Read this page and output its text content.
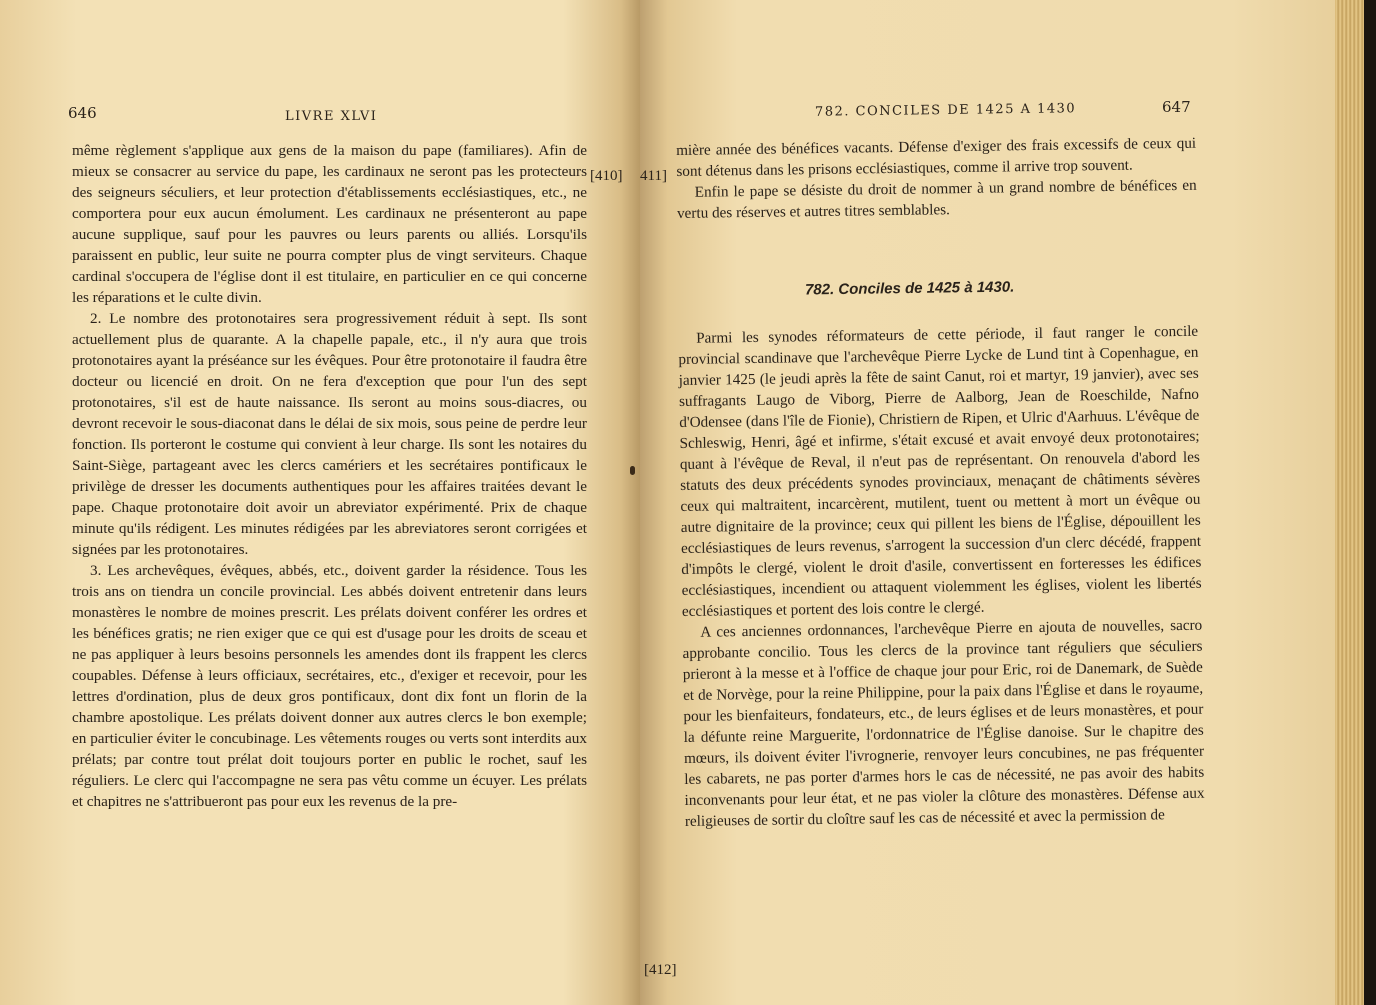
646	LIVRE XLVI

même règlement s'applique aux gens de la maison du pape (familiares). Afin de mieux se consacrer au service du pape, les cardinaux ne seront pas les protecteurs des seigneurs séculiers, et leur protection d'établissements ecclésiastiques, etc., ne comportera pour eux aucun émolument. Les cardinaux ne présenteront au pape aucune supplique, sauf pour les pauvres ou leurs parents ou alliés. Lorsqu'ils paraissent en public, leur suite ne pourra compter plus de vingt serviteurs. Chaque cardinal s'occupera de l'église dont il est titulaire, en particulier en ce qui concerne les réparations et le culte divin.

2. Le nombre des protonotaires sera progressivement réduit à sept. Ils sont actuellement plus de quarante. A la chapelle papale, etc., il n'y aura que trois protonotaires ayant la préséance sur les évêques. Pour être protonotaire il faudra être docteur ou licencié en droit. On ne fera d'exception que pour l'un des sept protonotaires, s'il est de haute naissance. Ils seront au moins sous-diacres, ou devront recevoir le sous-diaconat dans le délai de six mois, sous peine de perdre leur fonction. Ils porteront le costume qui convient à leur charge. Ils sont les notaires du Saint-Siège, partageant avec les clercs camériers et les secrétaires pontificaux le privilège de dresser les documents authentiques pour les affaires traitées devant le pape. Chaque protonotaire doit avoir un abreviator expérimenté. Prix de chaque minute qu'ils rédigent. Les minutes rédigées par les abreviatores seront corrigées et signées par les protonotaires.

3. Les archevêques, évêques, abbés, etc., doivent garder la résidence. Tous les trois ans on tiendra un concile provincial. Les abbés doivent entretenir dans leurs monastères le nombre de moines prescrit. Les prélats doivent conférer les ordres et les bénéfices gratis; ne rien exiger que ce qui est d'usage pour les droits de sceau et ne pas appliquer à leurs besoins personnels les amendes dont ils frappent les clercs coupables. Défense à leurs officiaux, secrétaires, etc., d'exiger et recevoir, pour les lettres d'ordination, plus de deux gros pontificaux, dont dix font un florin de la chambre apostolique. Les prélats doivent donner aux autres clercs le bon exemple; en particulier éviter le concubinage. Les vêtements rouges ou verts sont interdits aux prélats; par contre tout prélat doit toujours porter en public le rochet, sauf les réguliers. Le clerc qui l'accompagne ne sera pas vêtu comme un écuyer. Les prélats et chapitres ne s'attribueront pas pour eux les revenus de la pre-

[410]
782. CONCILES DE 1425 A 1430	647
411]

mière année des bénéfices vacants. Défense d'exiger des frais excessifs de ceux qui sont détenus dans les prisons ecclésiastiques, comme il arrive trop souvent.

Enfin le pape se désiste du droit de nommer à un grand nombre de bénéfices en vertu des réserves et autres titres semblables.

782. Conciles de 1425 à 1430.

Parmi les synodes réformateurs de cette période, il faut ranger le concile provincial scandinave que l'archevêque Pierre Lycke de Lund tint à Copenhague, en janvier 1425 (le jeudi après la fête de saint Canut, roi et martyr, 19 janvier), avec ses suffragants Laugo de Viborg, Pierre de Aalborg, Jean de Roeschilde, Nafno d'Odensee (dans l'île de Fionie), Christiern de Ripen, et Ulric d'Aarhuus. L'évêque de Schleswig, Henri, âgé et infirme, s'était excusé et avait envoyé deux protonotaires; quant à l'évêque de Reval, il n'eut pas de représentant. On renouvela d'abord les statuts des deux précédents synodes provinciaux, menaçant de châtiments sévères ceux qui maltraitent, incarcèrent, mutilent, tuent ou mettent à mort un évêque ou autre dignitaire de la province; ceux qui pillent les biens de l'Église, dépouillent les ecclésiastiques de leurs revenus, s'arrogent la succession d'un clerc décédé, frappent d'impôts le clergé, violent le droit d'asile, convertissent en forteresses les édifices ecclésiastiques, incendient ou attaquent violemment les églises, violent les libertés ecclésiastiques et portent des lois contre le clergé.

A ces anciennes ordonnances, l'archevêque Pierre en ajouta de nouvelles, sacro approbante concilio. Tous les clercs de la province tant réguliers que séculiers prieront à la messe et à l'office de chaque jour pour Eric, roi de Danemark, de Suède et de Norvège, pour la reine Philippine, pour la paix dans l'Église et dans le royaume, pour les bienfaiteurs, fondateurs, etc., de leurs églises et de leurs monastères, et pour la défunte reine Marguerite, l'ordonnatrice de l'Église danoise. Sur le chapitre des mœurs, ils doivent éviter l'ivrognerie, renvoyer leurs concubines, ne pas fréquenter les cabarets, ne pas porter d'armes hors le cas de nécessité, ne pas avoir des habits inconvenants pour leur état, et ne pas violer la clôture des monastères. Défense aux religieuses de sortir du cloître sauf les cas de nécessité et avec la permission de

[412]
